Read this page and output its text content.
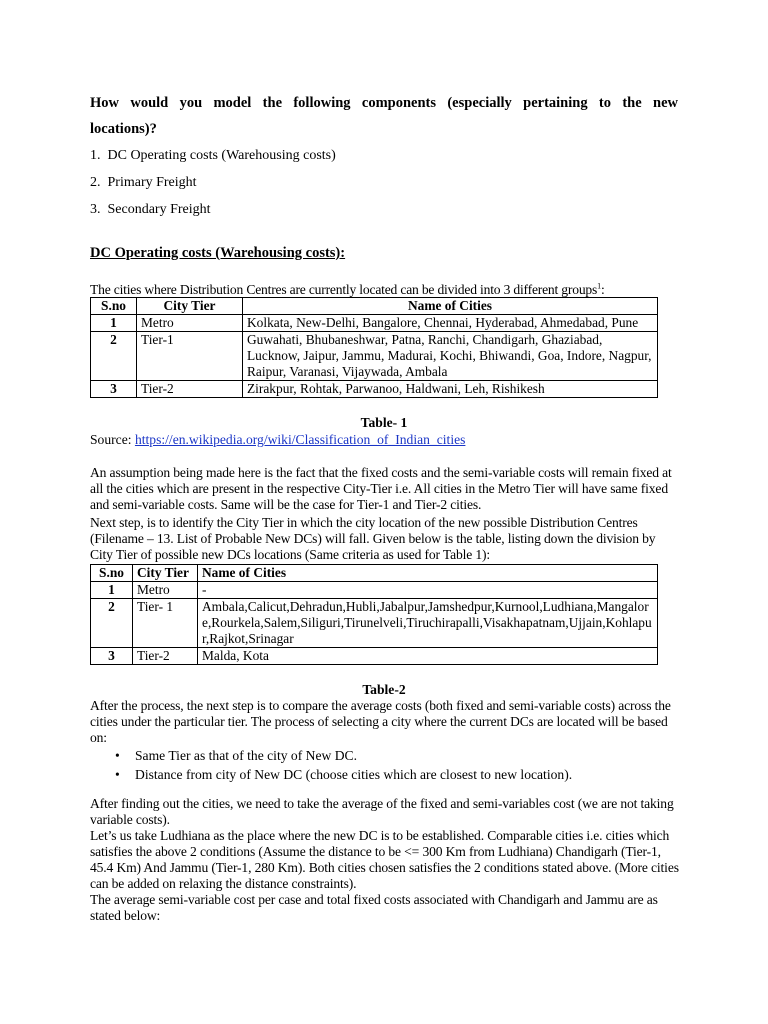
How would you model the following components (especially pertaining to the new
locations)?
1. DC Operating costs (Warehousing costs)
2. Primary Freight
3. Secondary Freight
DC Operating costs (Warehousing costs):
The cities where Distribution Centres are currently located can be divided into 3 different groups$^1$:
S.no	City Tier	Name of Cities
1	Metro	Kolkata, New-Delhi, Bangalore, Chennai, Hyderabad, Ahmedabad, Pune
2	Tier-1	Guwahati, Bhubaneshwar, Patna, Ranchi, Chandigarh, Ghaziabad, Lucknow, Jaipur, Jammu, Madurai, Kochi, Bhiwandi, Goa, Indore, Nagpur, Raipur, Varanasi, Vijaywada, Ambala
3	Tier-2	Zirakpur, Rohtak, Parwanoo, Haldwani, Leh, Rishikesh
Table- 1
Source: https://en.wikipedia.org/wiki/Classification_of_Indian_cities
An assumption being made here is the fact that the fixed costs and the semi-variable costs will remain fixed at all the cities which are present in the respective City-Tier i.e. All cities in the Metro Tier will have same fixed and semi-variable costs. Same will be the case for Tier-1 and Tier-2 cities.
Next step, is to identify the City Tier in which the city location of the new possible Distribution Centres (Filename – 13. List of Probable New DCs) will fall. Given below is the table, listing down the division by City Tier of possible new DCs locations (Same criteria as used for Table 1):
S.no	City Tier	Name of Cities
1	Metro	-
2	Tier- 1	Ambala,Calicut,Dehradun,Hubli,Jabalpur,Jamshedpur,Kurnool,Ludhiana,Mangalore,Rourkela,Salem,Siliguri,Tirunelveli,Tiruchirapalli,Visakhapatnam,Ujjain,Kohlapur,Rajkot,Srinagar
3	Tier-2	Malda, Kota
Table-2
After the process, the next step is to compare the average costs (both fixed and semi-variable costs) across the cities under the particular tier. The process of selecting a city where the current DCs are located will be based on:
• Same Tier as that of the city of New DC.
• Distance from city of New DC (choose cities which are closest to new location).
After finding out the cities, we need to take the average of the fixed and semi-variables cost (we are not taking variable costs).
Let’s us take Ludhiana as the place where the new DC is to be established. Comparable cities i.e. cities which satisfies the above 2 conditions (Assume the distance to be <= 300 Km from Ludhiana) Chandigarh (Tier-1, 45.4 Km) And Jammu (Tier-1, 280 Km). Both cities chosen satisfies the 2 conditions stated above. (More cities can be added on relaxing the distance constraints).
The average semi-variable cost per case and total fixed costs associated with Chandigarh and Jammu are as stated below:
